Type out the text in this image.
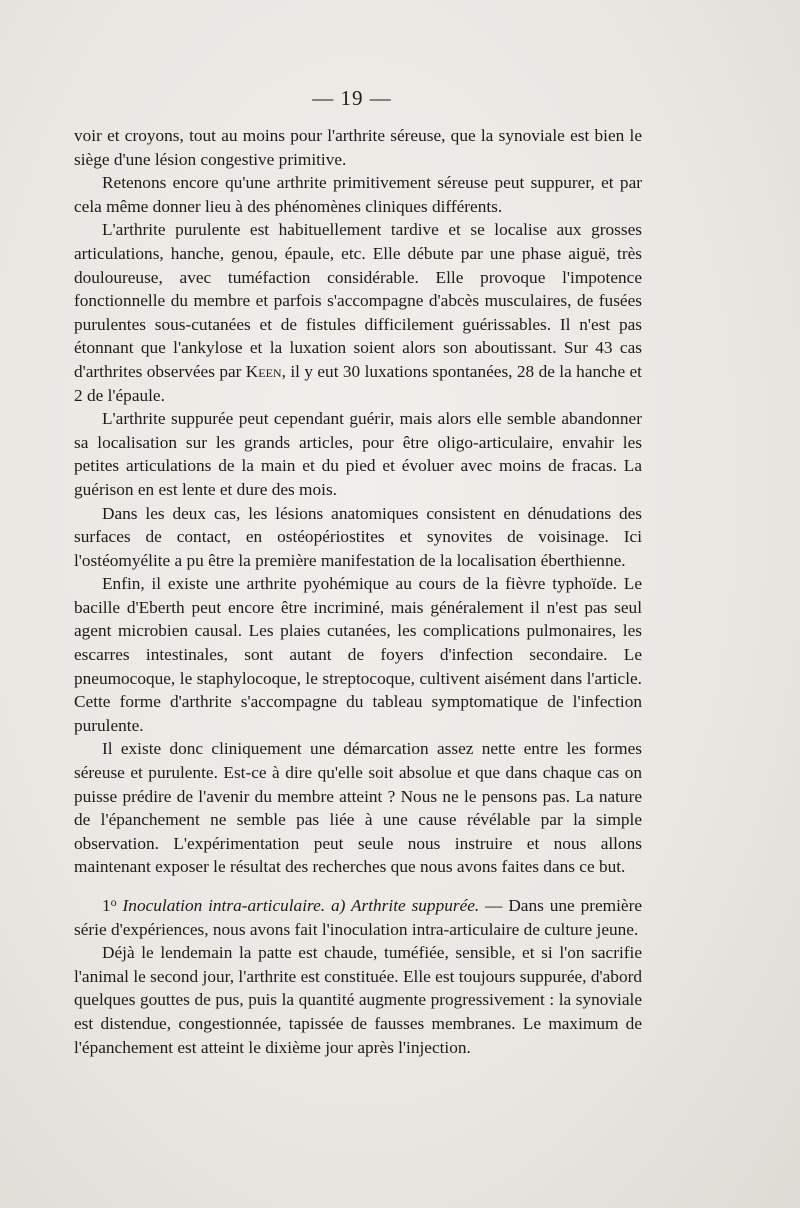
— 19 —

voir et croyons, tout au moins pour l'arthrite séreuse, que la synoviale est bien le siège d'une lésion congestive primitive.

Retenons encore qu'une arthrite primitivement séreuse peut suppurer, et par cela même donner lieu à des phénomènes cliniques différents.

L'arthrite purulente est habituellement tardive et se localise aux grosses articulations, hanche, genou, épaule, etc. Elle débute par une phase aiguë, très douloureuse, avec tuméfaction considérable. Elle provoque l'impotence fonctionnelle du membre et parfois s'accompagne d'abcès musculaires, de fusées purulentes sous-cutanées et de fistules difficilement guérissables. Il n'est pas étonnant que l'ankylose et la luxation soient alors son aboutissant. Sur 43 cas d'arthrites observées par Keen, il y eut 30 luxations spontanées, 28 de la hanche et 2 de l'épaule.

L'arthrite suppurée peut cependant guérir, mais alors elle semble abandonner sa localisation sur les grands articles, pour être oligo-articulaire, envahir les petites articulations de la main et du pied et évoluer avec moins de fracas. La guérison en est lente et dure des mois.

Dans les deux cas, les lésions anatomiques consistent en dénudations des surfaces de contact, en ostéopériostites et synovites de voisinage. Ici l'ostéomyélite a pu être la première manifestation de la localisation éberthienne.

Enfin, il existe une arthrite pyohémique au cours de la fièvre typhoïde. Le bacille d'Eberth peut encore être incriminé, mais généralement il n'est pas seul agent microbien causal. Les plaies cutanées, les complications pulmonaires, les escarres intestinales, sont autant de foyers d'infection secondaire. Le pneumocoque, le staphylocoque, le streptocoque, cultivent aisément dans l'article. Cette forme d'arthrite s'accompagne du tableau symptomatique de l'infection purulente.

Il existe donc cliniquement une démarcation assez nette entre les formes séreuse et purulente. Est-ce à dire qu'elle soit absolue et que dans chaque cas on puisse prédire de l'avenir du membre atteint ? Nous ne le pensons pas. La nature de l'épanchement ne semble pas liée à une cause révélable par la simple observation. L'expérimentation peut seule nous instruire et nous allons maintenant exposer le résultat des recherches que nous avons faites dans ce but.

1$^o$ Inoculation intra-articulaire. a) Arthrite suppurée. — Dans une première série d'expériences, nous avons fait l'inoculation intra-articulaire de culture jeune.

Déjà le lendemain la patte est chaude, tuméfiée, sensible, et si l'on sacrifie l'animal le second jour, l'arthrite est constituée. Elle est toujours suppurée, d'abord quelques gouttes de pus, puis la quantité augmente progressivement : la synoviale est distendue, congestionnée, tapissée de fausses membranes. Le maximum de l'épanchement est atteint le dixième jour après l'injection.
